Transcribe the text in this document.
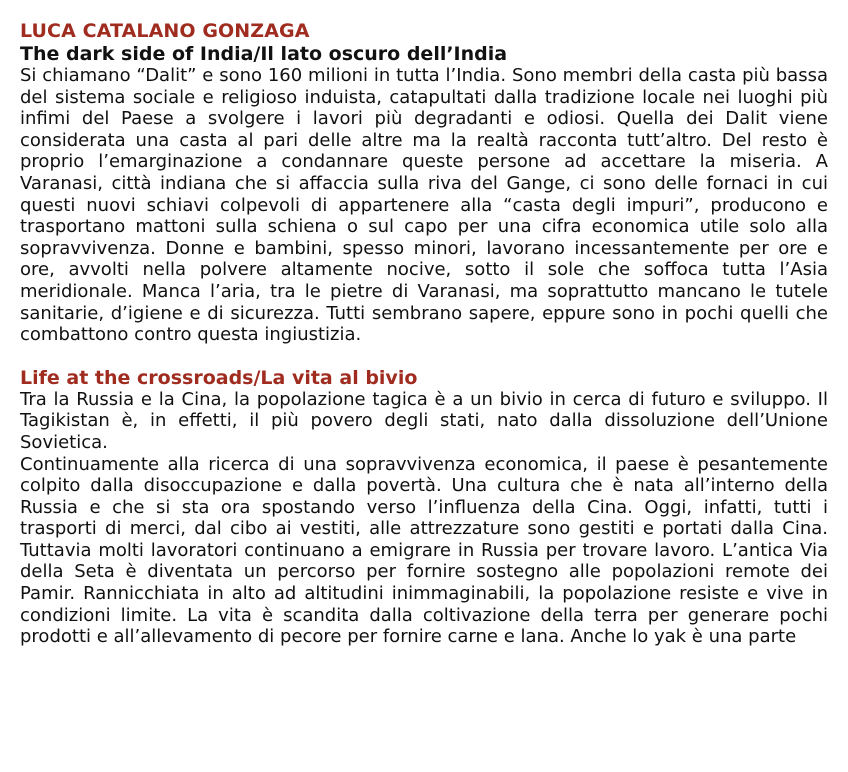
LUCA CATALANO GONZAGA
The dark side of India/Il lato oscuro dell’India

Si chiamano “Dalit” e sono 160 milioni in tutta l’India. Sono membri della casta più bassa del sistema sociale e religioso induista, catapultati dalla tradizione locale nei luoghi più infimi del Paese a svolgere i lavori più degradanti e odiosi. Quella dei Dalit viene considerata una casta al pari delle altre ma la realtà racconta tutt’altro. Del resto è proprio l’emarginazione a condannare queste persone ad accettare la miseria. A Varanasi, città indiana che si affaccia sulla riva del Gange, ci sono delle fornaci in cui questi nuovi schiavi colpevoli di appartenere alla “casta degli impuri”, producono e trasportano mattoni sulla schiena o sul capo per una cifra economica utile solo alla sopravvivenza. Donne e bambini, spesso minori, lavorano incessantemente per ore e ore, avvolti nella polvere altamente nocive, sotto il sole che soffoca tutta l’Asia meridionale. Manca l’aria, tra le pietre di Varanasi, ma soprattutto mancano le tutele sanitarie, d’igiene e di sicurezza. Tutti sembrano sapere, eppure sono in pochi quelli che combattono contro questa ingiustizia.

Life at the crossroads/La vita al bivio

Tra la Russia e la Cina, la popolazione tagica è a un bivio in cerca di futuro e sviluppo. Il Tagikistan è, in effetti, il più povero degli stati, nato dalla dissoluzione dell’Unione Sovietica.

Continuamente alla ricerca di una sopravvivenza economica, il paese è pesantemente colpito dalla disoccupazione e dalla povertà. Una cultura che è nata all’interno della Russia e che si sta ora spostando verso l’influenza della Cina. Oggi, infatti, tutti i trasporti di merci, dal cibo ai vestiti, alle attrezzature sono gestiti e portati dalla Cina. Tuttavia molti lavoratori continuano a emigrare in Russia per trovare lavoro. L’antica Via della Seta è diventata un percorso per fornire sostegno alle popolazioni remote dei Pamir. Rannicchiata in alto ad altitudini inimmaginabili, la popolazione resiste e vive in condizioni limite. La vita è scandita dalla coltivazione della terra per generare pochi prodotti e all’allevamento di pecore per fornire carne e lana. Anche lo yak è una parte
